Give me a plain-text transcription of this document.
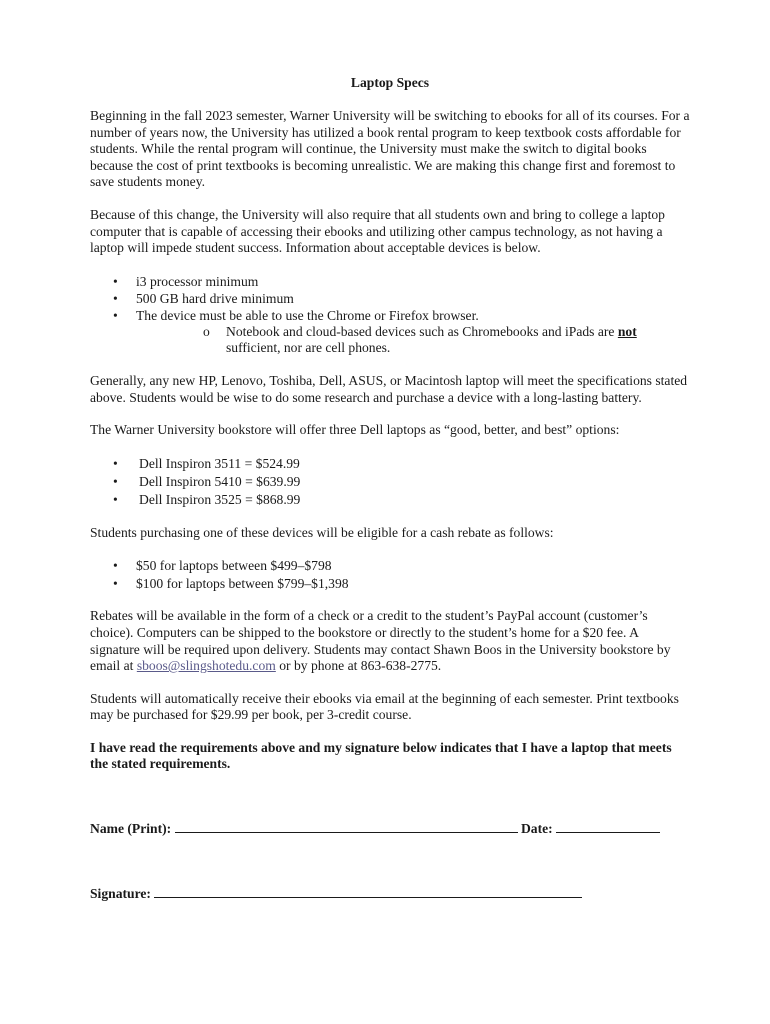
Laptop Specs

Beginning in the fall 2023 semester, Warner University will be switching to ebooks for all of its courses. For a number of years now, the University has utilized a book rental program to keep textbook costs affordable for students. While the rental program will continue, the University must make the switch to digital books because the cost of print textbooks is becoming unrealistic. We are making this change first and foremost to save students money.

Because of this change, the University will also require that all students own and bring to college a laptop computer that is capable of accessing their ebooks and utilizing other campus technology, as not having a laptop will impede student success. Information about acceptable devices is below.

• i3 processor minimum
• 500 GB hard drive minimum
• The device must be able to use the Chrome or Firefox browser.
o Notebook and cloud-based devices such as Chromebooks and iPads are not sufficient, nor are cell phones.

Generally, any new HP, Lenovo, Toshiba, Dell, ASUS, or Macintosh laptop will meet the specifications stated above. Students would be wise to do some research and purchase a device with a long-lasting battery.

The Warner University bookstore will offer three Dell laptops as “good, better, and best” options:

• Dell Inspiron 3511 = $524.99
• Dell Inspiron 5410 = $639.99
• Dell Inspiron 3525 = $868.99

Students purchasing one of these devices will be eligible for a cash rebate as follows:

• $50 for laptops between $499–$798
• $100 for laptops between $799–$1,398

Rebates will be available in the form of a check or a credit to the student’s PayPal account (customer’s choice). Computers can be shipped to the bookstore or directly to the student’s home for a $20 fee. A signature will be required upon delivery. Students may contact Shawn Boos in the University bookstore by email at sboos@slingshotedu.com or by phone at 863-638-2775.

Students will automatically receive their ebooks via email at the beginning of each semester. Print textbooks may be purchased for $29.99 per book, per 3-credit course.

I have read the requirements above and my signature below indicates that I have a laptop that meets the stated requirements.

Name (Print):	Date:
Signature:
